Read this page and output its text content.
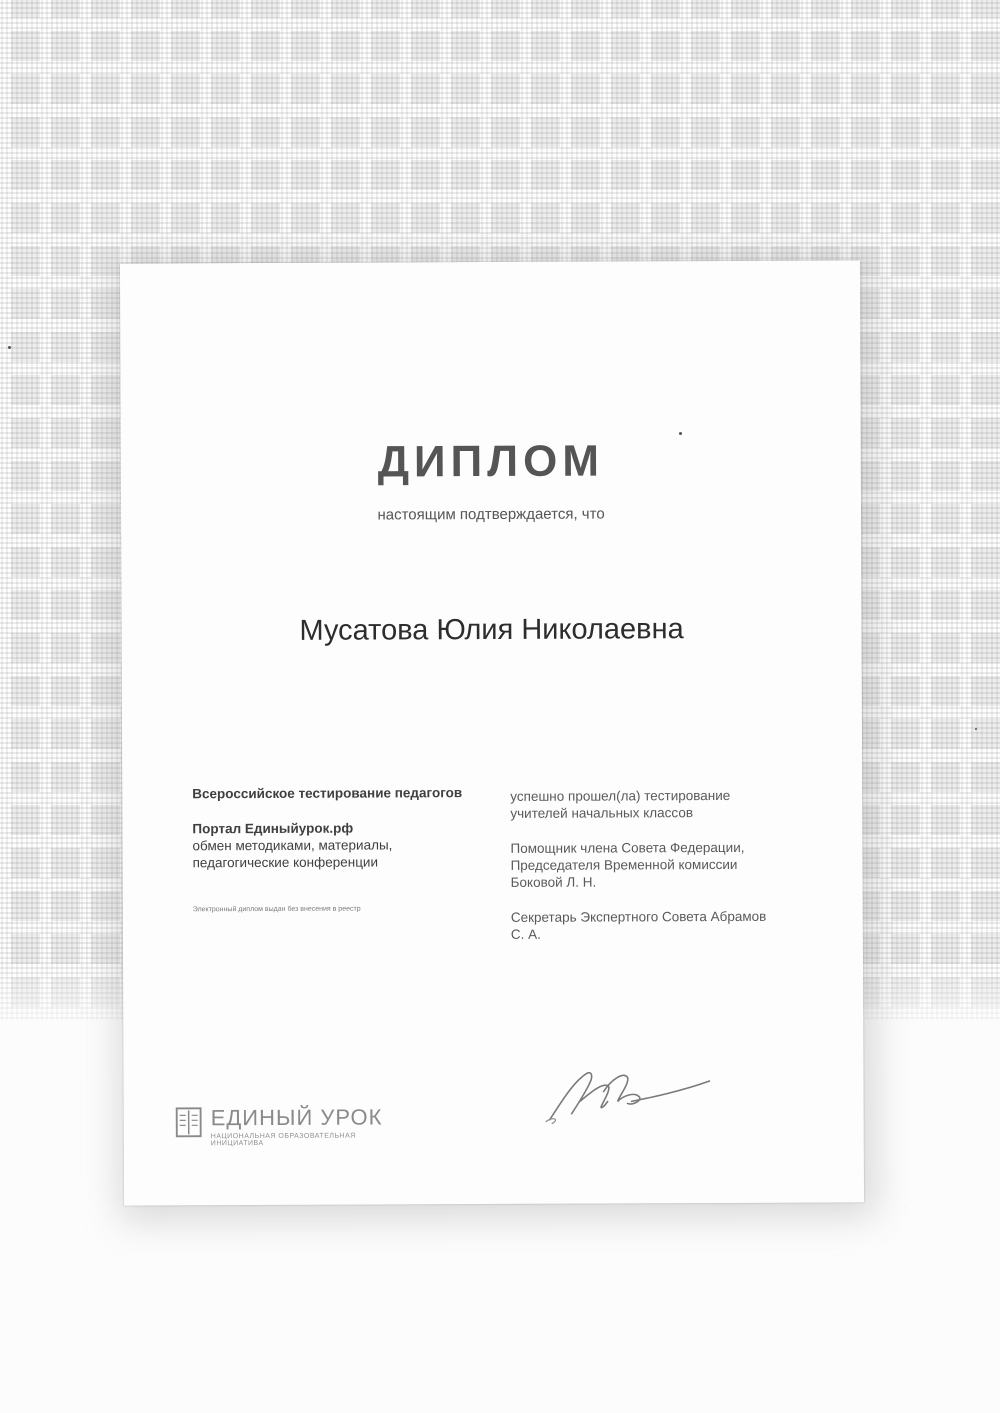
ДИПЛОМ
настоящим подтверждается, что
Мусатова Юлия Николаевна
Всероссийское тестирование педагогов
Портал Единыйурок.рф
обмен методиками, материалы, педагогические конференции
Электронный диплом выдан без внесения в реестр
успешно прошел(ла) тестирование учителей начальных классов
Помощник члена Совета Федерации, Председателя Временной комиссии Боковой Л. Н.
Секретарь Экспертного Совета Абрамов С. А.
ЕДИНЫЙ УРОК
НАЦИОНАЛЬНАЯ ОБРАЗОВАТЕЛЬНАЯ ИНИЦИАТИВА
